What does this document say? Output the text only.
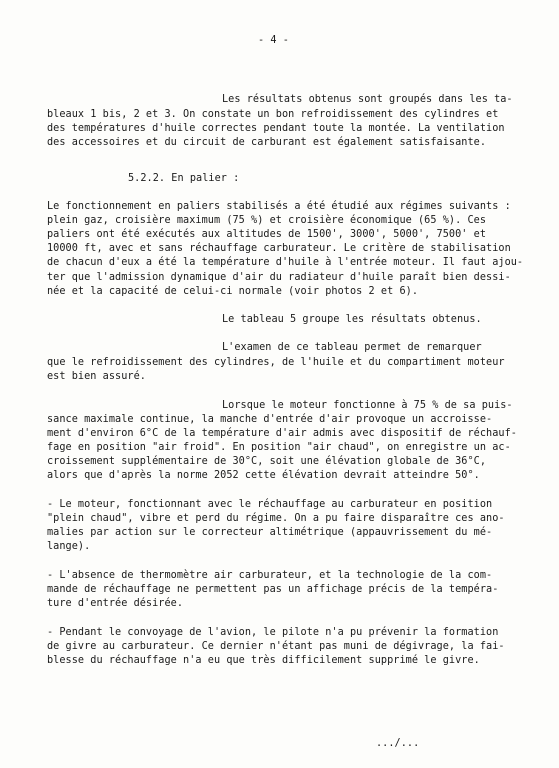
- 4 -
Les résultats obtenus sont groupés dans les ta-
bleaux 1 bis, 2 et 3. On constate un bon refroidissement des cylindres et
des températures d'huile correctes pendant toute la montée. La ventilation
des accessoires et du circuit de carburant est également satisfaisante.
5.2.2. En palier :
Le fonctionnement en paliers stabilisés a été étudié aux régimes suivants :
plein gaz, croisière maximum (75 %) et croisière économique (65 %). Ces
paliers ont été exécutés aux altitudes de 1500', 3000', 5000', 7500' et
10000 ft, avec et sans réchauffage carburateur. Le critère de stabilisation
de chacun d'eux a été la température d'huile à l'entrée moteur. Il faut ajou-
ter que l'admission dynamique d'air du radiateur d'huile paraît bien dessi-
née et la capacité de celui-ci normale (voir photos 2 et 6).
Le tableau 5 groupe les résultats obtenus.
L'examen de ce tableau permet de remarquer
que le refroidissement des cylindres, de l'huile et du compartiment moteur
est bien assuré.
Lorsque le moteur fonctionne à 75 % de sa puis-
sance maximale continue, la manche d'entrée d'air provoque un accroisse-
ment d'environ 6°C de la température d'air admis avec dispositif de réchauf-
fage en position "air froid". En position "air chaud", on enregistre un ac-
croissement supplémentaire de 30°C, soit une élévation globale de 36°C,
alors que d'après la norme 2052 cette élévation devrait atteindre 50°.
- Le moteur, fonctionnant avec le réchauffage au carburateur en position
"plein chaud", vibre et perd du régime. On a pu faire disparaître ces ano-
malies par action sur le correcteur altimétrique (appauvrissement du mé-
lange).
- L'absence de thermomètre air carburateur, et la technologie de la com-
mande de réchauffage ne permettent pas un affichage précis de la tempéra-
ture d'entrée désirée.
- Pendant le convoyage de l'avion, le pilote n'a pu prévenir la formation
de givre au carburateur. Ce dernier n'étant pas muni de dégivrage, la fai-
blesse du réchauffage n'a eu que très difficilement supprimé le givre.
.../...
